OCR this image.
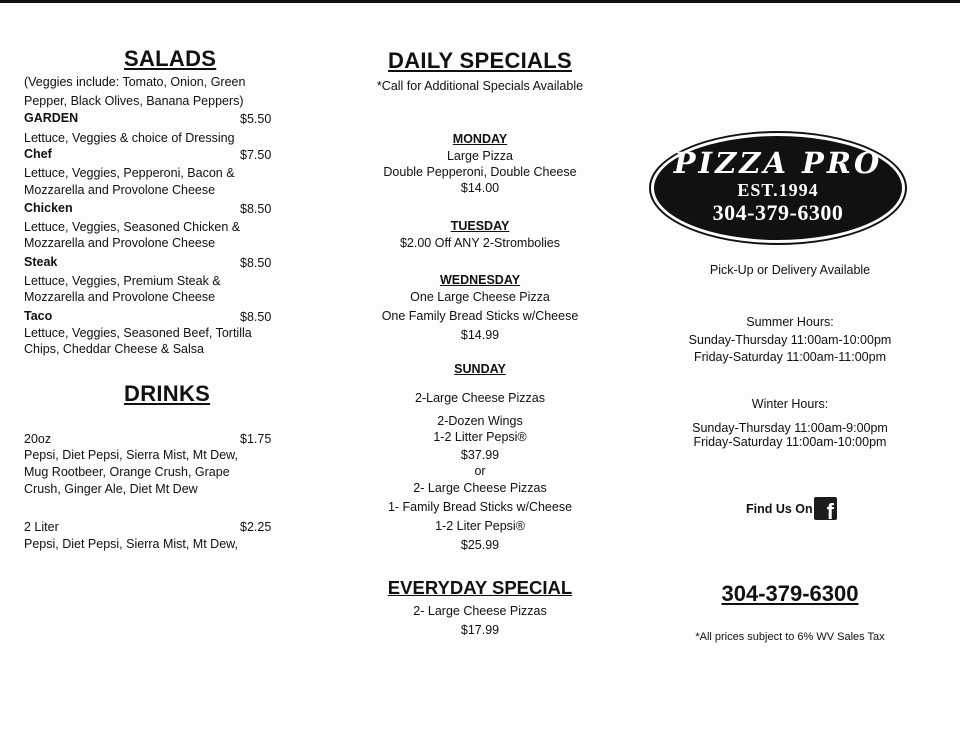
SALADS
(Veggies include: Tomato, Onion, Green
Pepper, Black Olives, Banana Peppers)
GARDEN	$5.50
Lettuce, Veggies & choice of Dressing
Chef	$7.50
Lettuce, Veggies, Pepperoni, Bacon &
Mozzarella and Provolone Cheese
Chicken	$8.50
Lettuce, Veggies, Seasoned Chicken &
Mozzarella and Provolone Cheese
Steak	$8.50
Lettuce, Veggies, Premium Steak &
Mozzarella and Provolone Cheese
Taco	$8.50
Lettuce, Veggies, Seasoned Beef, Tortilla
Chips, Cheddar Cheese & Salsa
DRINKS
20oz	$1.75
Pepsi, Diet Pepsi, Sierra Mist, Mt Dew,
Mug Rootbeer, Orange Crush, Grape
Crush, Ginger Ale, Diet Mt Dew
2 Liter	$2.25
Pepsi, Diet Pepsi, Sierra Mist, Mt Dew,
DAILY SPECIALS
*Call for Additional Specials Available
MONDAY
Large Pizza
Double Pepperoni, Double Cheese
$14.00
TUESDAY
$2.00 Off ANY 2-Strombolies
WEDNESDAY
One Large Cheese Pizza
One Family Bread Sticks w/Cheese
$14.99
SUNDAY
2-Large Cheese Pizzas
2-Dozen Wings
1-2 Litter Pepsi®
$37.99
or
2- Large Cheese Pizzas
1- Family Bread Sticks w/Cheese
1-2 Liter Pepsi®
$25.99
EVERYDAY SPECIAL
2- Large Cheese Pizzas
$17.99
PIZZA PRO
EST.1994
304-379-6300
Pick-Up or Delivery Available
Summer Hours:
Sunday-Thursday 11:00am-10:00pm
Friday-Saturday 11:00am-11:00pm
Winter Hours:
Sunday-Thursday 11:00am-9:00pm
Friday-Saturday 11:00am-10:00pm
Find Us On f
304-379-6300
*All prices subject to 6% WV Sales Tax
